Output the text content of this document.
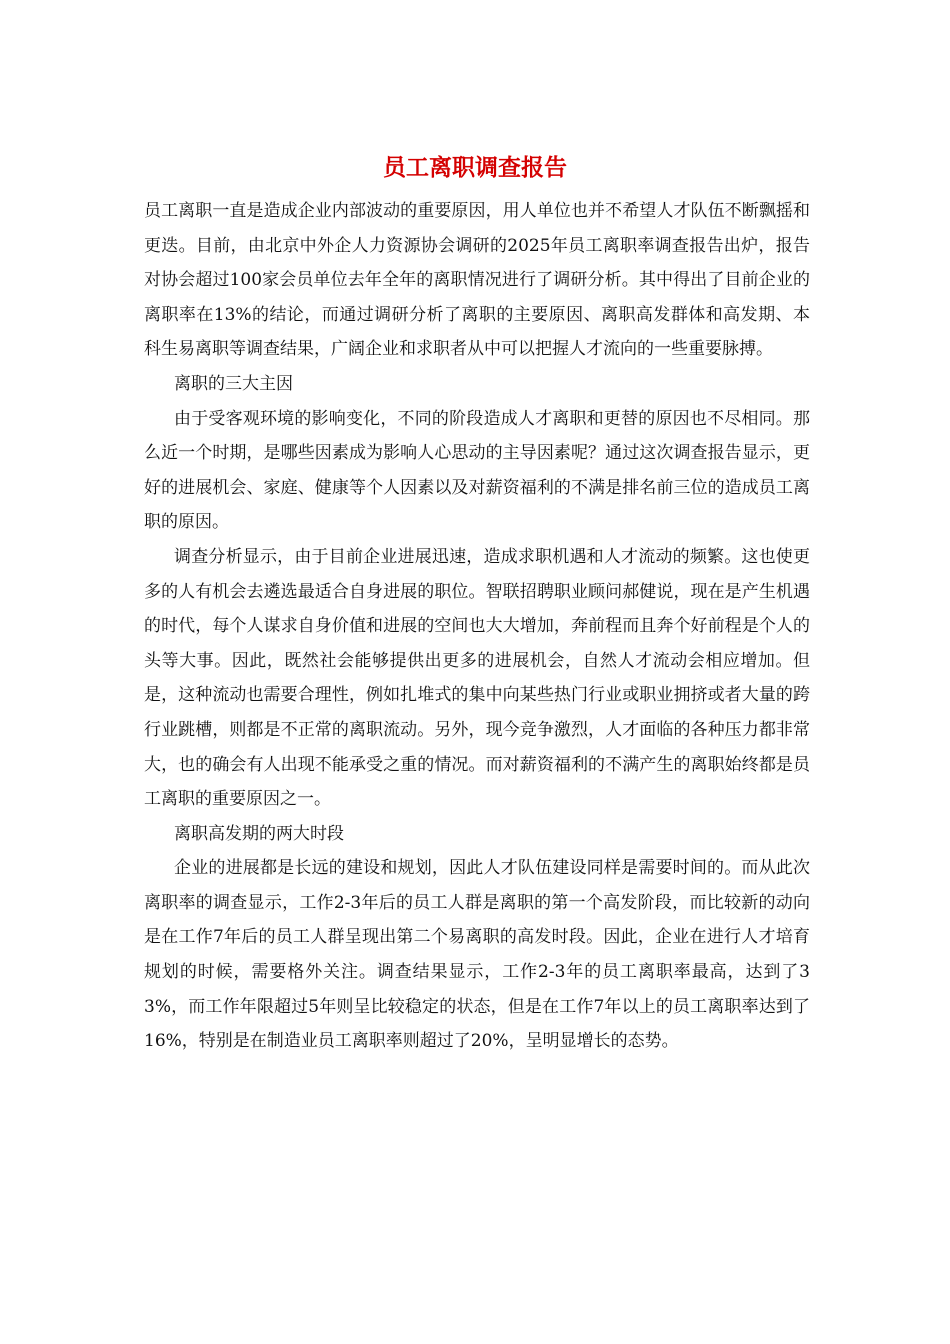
员工离职调查报告

员工离职一直是造成企业内部波动的重要原因，用人单位也并不希望人才队伍不断飘摇和更迭。目前，由北京中外企人力资源协会调研的2025年员工离职率调查报告出炉，报告对协会超过100家会员单位去年全年的离职情况进行了调研分析。其中得出了目前企业的离职率在13%的结论，而通过调研分析了离职的主要原因、离职高发群体和高发期、本科生易离职等调查结果，广阔企业和求职者从中可以把握人才流向的一些重要脉搏。

离职的三大主因

由于受客观环境的影响变化，不同的阶段造成人才离职和更替的原因也不尽相同。那么近一个时期，是哪些因素成为影响人心思动的主导因素呢？通过这次调查报告显示，更好的进展机会、家庭、健康等个人因素以及对薪资福利的不满是排名前三位的造成员工离职的原因。

调查分析显示，由于目前企业进展迅速，造成求职机遇和人才流动的频繁。这也使更多的人有机会去遴选最适合自身进展的职位。智联招聘职业顾问郝健说，现在是产生机遇的时代，每个人谋求自身价值和进展的空间也大大增加，奔前程而且奔个好前程是个人的头等大事。因此，既然社会能够提供出更多的进展机会，自然人才流动会相应增加。但是，这种流动也需要合理性，例如扎堆式的集中向某些热门行业或职业拥挤或者大量的跨行业跳槽，则都是不正常的离职流动。另外，现今竞争激烈，人才面临的各种压力都非常大，也的确会有人出现不能承受之重的情况。而对薪资福利的不满产生的离职始终都是员工离职的重要原因之一。

离职高发期的两大时段

企业的进展都是长远的建设和规划，因此人才队伍建设同样是需要时间的。而从此次离职率的调查显示，工作2-3年后的员工人群是离职的第一个高发阶段，而比较新的动向是在工作7年后的员工人群呈现出第二个易离职的高发时段。因此，企业在进行人才培育规划的时候，需要格外关注。调查结果显示，工作2-3年的员工离职率最高，达到了33%，而工作年限超过5年则呈比较稳定的状态，但是在工作7年以上的员工离职率达到了16%，特别是在制造业员工离职率则超过了20%，呈明显增长的态势。
